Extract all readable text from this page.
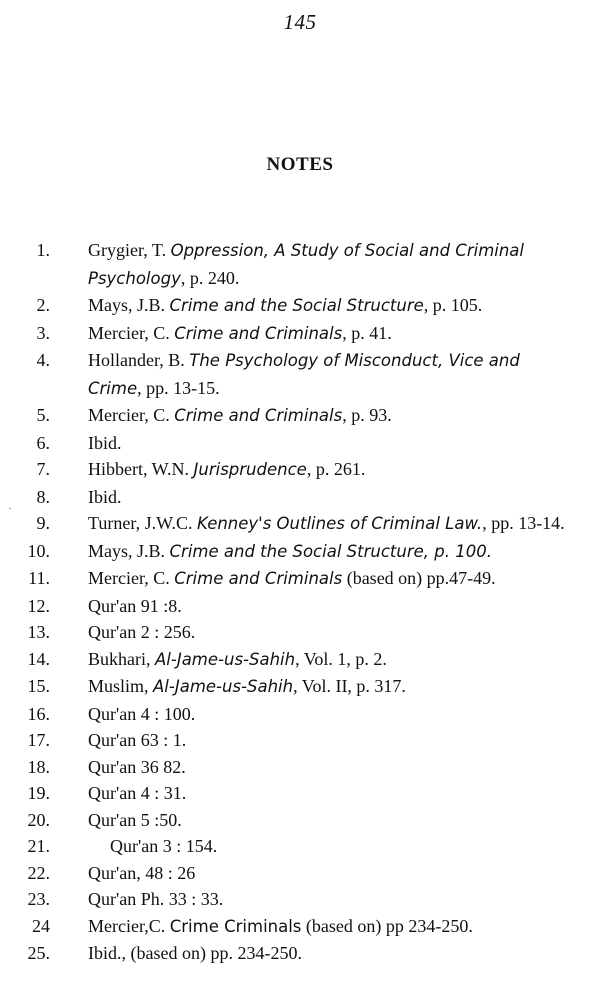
145
NOTES
`
1. Grygier, T. Oppression, A Study of Social and Criminal Psychology, p. 240.
2. Mays, J.B. Crime and the Social Structure, p. 105.
3. Mercier, C. Crime and Criminals, p. 41.
4. Hollander, B. The Psychology of Misconduct, Vice and Crime, pp. 13-15.
5. Mercier, C. Crime and Criminals, p. 93.
6. Ibid.
7. Hibbert, W.N. Jurisprudence, p. 261.
8. Ibid.
9. Turner, J.W.C. Kenney's Outlines of Criminal Law., pp. 13-14.
10. Mays, J.B. Crime and the Social Structure, p. 100.
11. Mercier, C. Crime and Criminals (based on) pp.47-49.
12. Qur'an 91 :8.
13. Qur'an 2 : 256.
14. Bukhari, Al-Jame-us-Sahih, Vol. 1, p. 2.
15. Muslim, Al-Jame-us-Sahih, Vol. II, p. 317.
16. Qur'an 4 : 100.
17. Qur'an 63 : 1.
18. Qur'an 36 82.
19. Qur'an 4 : 31.
20. Qur'an 5 :50.
21.	Qur'an 3 : 154.
22. Qur'an, 48 : 26
23. Qur'an Ph. 33 : 33.
24 Mercier,C. Crime Criminals (based on) pp 234-250.
25. Ibid., (based on) pp. 234-250.
